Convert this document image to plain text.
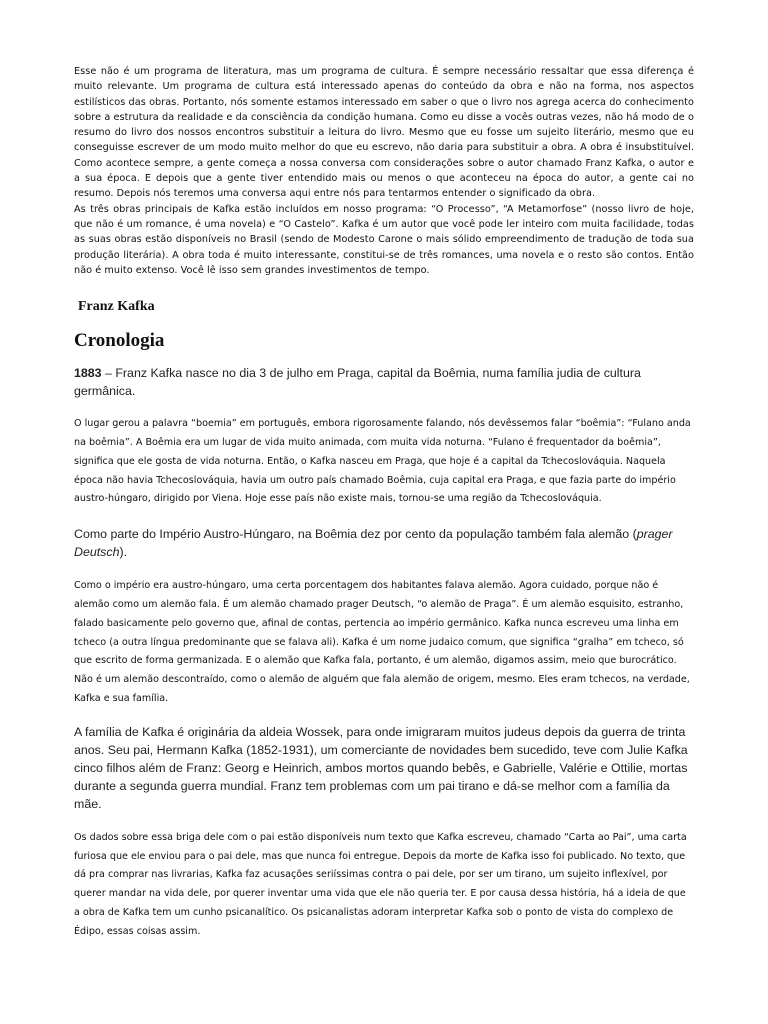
Esse não é um programa de literatura, mas um programa de cultura. É sempre necessário ressaltar que essa diferença é muito relevante. Um programa de cultura está interessado apenas do conteúdo da obra e não na forma, nos aspectos estilísticos das obras. Portanto, nós somente estamos interessado em saber o que o livro nos agrega acerca do conhecimento sobre a estrutura da realidade e da consciência da condição humana. Como eu disse a vocês outras vezes, não há modo de o resumo do livro dos nossos encontros substituir a leitura do livro. Mesmo que eu fosse um sujeito literário, mesmo que eu conseguisse escrever de um modo muito melhor do que eu escrevo, não daria para substituir a obra. A obra é insubstituível. Como acontece sempre, a gente começa a nossa conversa com considerações sobre o autor chamado Franz Kafka, o autor e a sua época. E depois que a gente tiver entendido mais ou menos o que aconteceu na época do autor, a gente cai no resumo. Depois nós teremos uma conversa aqui entre nós para tentarmos entender o significado da obra.

As três obras principais de Kafka estão incluídos em nosso programa: “O Processo”, “A Metamorfose” (nosso livro de hoje, que não é um romance, é uma novela) e “O Castelo”. Kafka é um autor que você pode ler inteiro com muita facilidade, todas as suas obras estão disponíveis no Brasil (sendo de Modesto Carone o mais sólido empreendimento de tradução de toda sua produção literária). A obra toda é muito interessante, constitui-se de três romances, uma novela e o resto são contos. Então não é muito extenso. Você lê isso sem grandes investimentos de tempo.

Franz Kafka
Cronologia

1883 – Franz Kafka nasce no dia 3 de julho em Praga, capital da Boêmia, numa família judia de cultura germânica.

O lugar gerou a palavra “boemia” em português, embora rigorosamente falando, nós devêssemos falar “boêmia”: “Fulano anda na boêmia”. A Boêmia era um lugar de vida muito animada, com muita vida noturna. “Fulano é frequentador da boêmia”, significa que ele gosta de vida noturna. Então, o Kafka nasceu em Praga, que hoje é a capital da Tchecoslováquia. Naquela época não havia Tchecoslováquia, havia um outro país chamado Boêmia, cuja capital era Praga, e que fazia parte do império austro-húngaro, dirigido por Viena. Hoje esse país não existe mais, tornou-se uma região da Tchecoslováquia.

Como parte do Império Austro-Húngaro, na Boêmia dez por cento da população também fala alemão (prager Deutsch).

Como o império era austro-húngaro, uma certa porcentagem dos habitantes falava alemão. Agora cuidado, porque não é alemão como um alemão fala. É um alemão chamado prager Deutsch, “o alemão de Praga”. É um alemão esquisito, estranho, falado basicamente pelo governo que, afinal de contas, pertencia ao império germânico. Kafka nunca escreveu uma linha em tcheco (a outra língua predominante que se falava ali). Kafka é um nome judaico comum, que significa “gralha” em tcheco, só que escrito de forma germanizada. E o alemão que Kafka fala, portanto, é um alemão, digamos assim, meio que burocrático. Não é um alemão descontraído, como o alemão de alguém que fala alemão de origem, mesmo. Eles eram tchecos, na verdade, Kafka e sua família.

A família de Kafka é originária da aldeia Wossek, para onde imigraram muitos judeus depois da guerra de trinta anos. Seu pai, Hermann Kafka (1852-1931), um comerciante de novidades bem sucedido, teve com Julie Kafka cinco filhos além de Franz: Georg e Heinrich, ambos mortos quando bebês, e Gabrielle, Valérie e Ottilie, mortas durante a segunda guerra mundial. Franz tem problemas com um pai tirano e dá-se melhor com a família da mãe.

Os dados sobre essa briga dele com o pai estão disponíveis num texto que Kafka escreveu, chamado “Carta ao Pai”, uma carta furiosa que ele enviou para o pai dele, mas que nunca foi entregue. Depois da morte de Kafka isso foi publicado. No texto, que dá pra comprar nas livrarias, Kafka faz acusações seriíssimas contra o pai dele, por ser um tirano, um sujeito inflexível, por querer mandar na vida dele, por querer inventar uma vida que ele não queria ter. E por causa dessa história, há a ideia de que a obra de Kafka tem um cunho psicanalítico. Os psicanalistas adoram interpretar Kafka sob o ponto de vista do complexo de Édipo, essas coisas assim.
